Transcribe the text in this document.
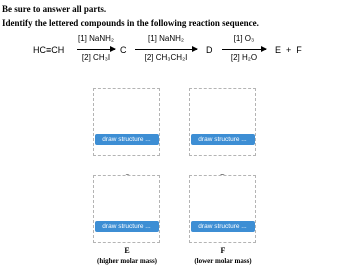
Be sure to answer all parts.
Identify the lettered compounds in the following reaction sequence.
HC≡CH
[1] NaNH₂
[2] CH₃I
C
[1] NaNH₂
[2] CH₃CH₂I
D
[1] O₃
[2] H₂O
E  +  F
draw structure ...	draw structure ...
draw structure ...
E
(higher molar mass)
draw structure ...
F
(lower molar mass)
